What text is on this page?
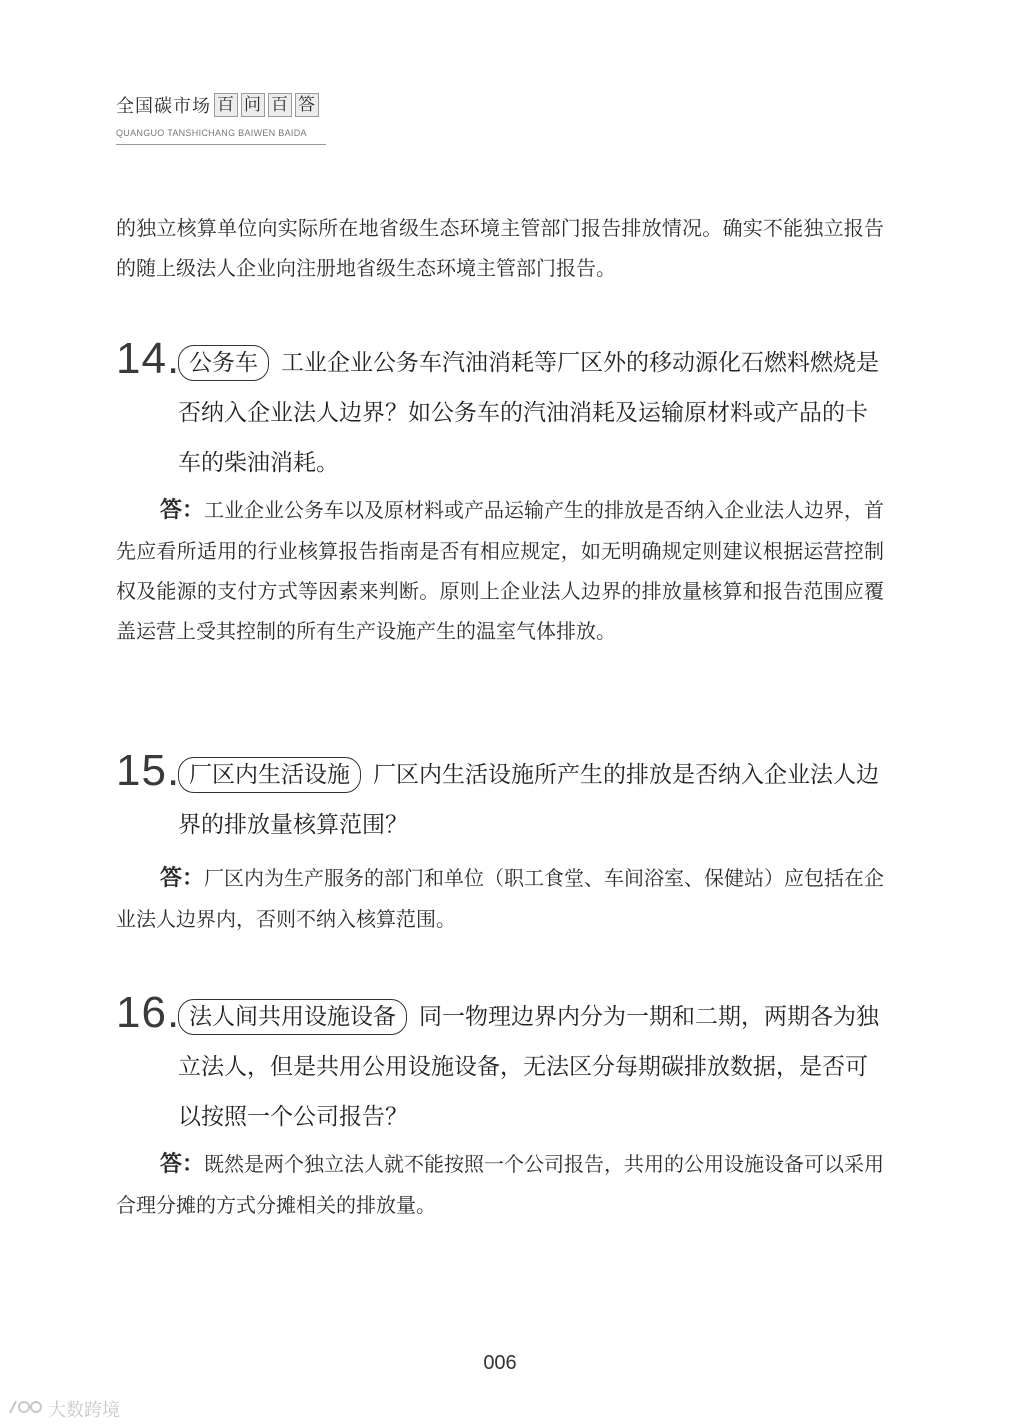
全国碳市场 百 问 百 答
QUANGUO TANSHICHANG BAIWEN BAIDA
的独立核算单位向实际所在地省级生态环境主管部门报告排放情况。确实不能独立报告的随上级法人企业向注册地省级生态环境主管部门报告。
14. 公务车 工业企业公务车汽油消耗等厂区外的移动源化石燃料燃烧是否纳入企业法人边界？如公务车的汽油消耗及运输原材料或产品的卡车的柴油消耗。
答：工业企业公务车以及原材料或产品运输产生的排放是否纳入企业法人边界，首先应看所适用的行业核算报告指南是否有相应规定，如无明确规定则建议根据运营控制权及能源的支付方式等因素来判断。原则上企业法人边界的排放量核算和报告范围应覆盖运营上受其控制的所有生产设施产生的温室气体排放。
15. 厂区内生活设施 厂区内生活设施所产生的排放是否纳入企业法人边界的排放量核算范围？
答：厂区内为生产服务的部门和单位（职工食堂、车间浴室、保健站）应包括在企业法人边界内，否则不纳入核算范围。
16. 法人间共用设施设备 同一物理边界内分为一期和二期，两期各为独立法人，但是共用公用设施设备，无法区分每期碳排放数据，是否可以按照一个公司报告？
答：既然是两个独立法人就不能按照一个公司报告，共用的公用设施设备可以采用合理分摊的方式分摊相关的排放量。
006
大数跨境
